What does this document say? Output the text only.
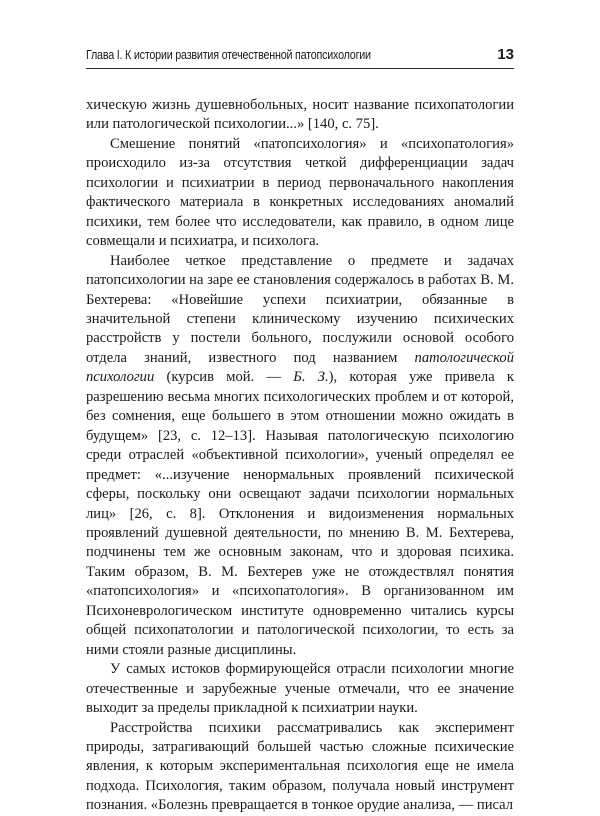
Глава I. К истории развития отечественной патопсихологии	13

хическую жизнь душевнобольных, носит название психопатологии или патологической психологии...» [140, с. 75].

Смешение понятий «патопсихология» и «психопатология» происходило из-за отсутствия четкой дифференциации задач психологии и психиатрии в период первоначального накопления фактического материала в конкретных исследованиях аномалий психики, тем более что исследователи, как правило, в одном лице совмещали и психиатра, и психолога.

Наиболее четкое представление о предмете и задачах патопсихологии на заре ее становления содержалось в работах В. М. Бехтерева: «Новейшие успехи психиатрии, обязанные в значительной степени клиническому изучению психических расстройств у постели больного, послужили основой особого отдела знаний, известного под названием патологической психологии (курсив мой. — Б. З.), которая уже привела к разрешению весьма многих психологических проблем и от которой, без сомнения, еще большего в этом отношении можно ожидать в будущем» [23, с. 12–13]. Называя патологическую психологию среди отраслей «объективной психологии», ученый определял ее предмет: «...изучение ненормальных проявлений психической сферы, поскольку они освещают задачи психологии нормальных лиц» [26, с. 8]. Отклонения и видоизменения нормальных проявлений душевной деятельности, по мнению В. М. Бехтерева, подчинены тем же основным законам, что и здоровая психика. Таким образом, В. М. Бехтерев уже не отождествлял понятия «патопсихология» и «психопатология». В организованном им Психоневрологическом институте одновременно читались курсы общей психопатологии и патологической психологии, то есть за ними стояли разные дисциплины.

У самых истоков формирующейся отрасли психологии многие отечественные и зарубежные ученые отмечали, что ее значение выходит за пределы прикладной к психиатрии науки.

Расстройства психики рассматривались как эксперимент природы, затрагивающий большей частью сложные психические явления, к которым экспериментальная психология еще не имела подхода. Психология, таким образом, получала новый инструмент познания. «Болезнь превращается в тонкое орудие анализа, — писал
